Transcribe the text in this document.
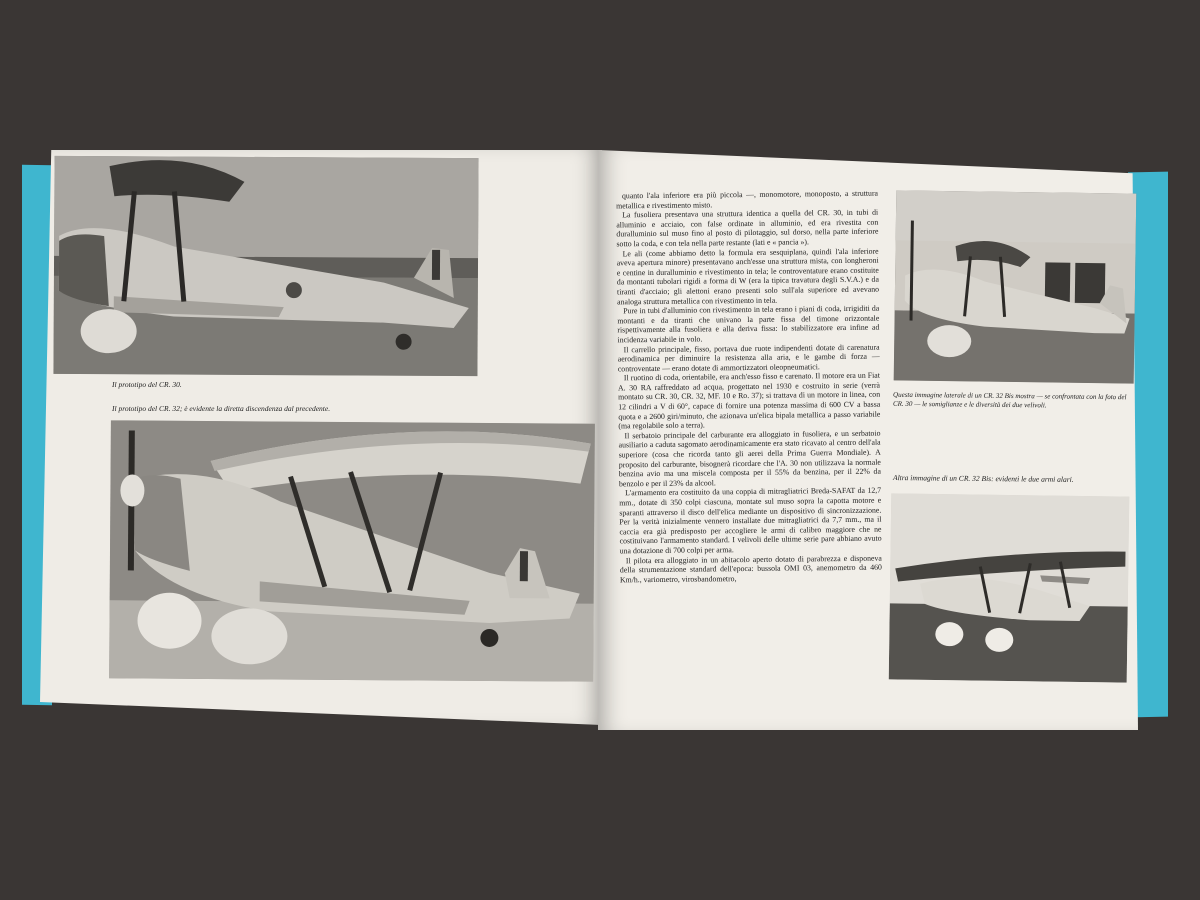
Il prototipo del CR. 30.
Il prototipo del CR. 32; è evidente la diretta discendenza dal precedente.

quanto l'ala inferiore era più piccola —, monomotore, monoposto, a struttura metallica e rivestimento misto.

La fusoliera presentava una struttura identica a quella del CR. 30, in tubi di alluminio e acciaio, con false ordinate in alluminio, ed era rivestita con duralluminio sul muso fino al posto di pilotaggio, sul dorso, nella parte inferiore sotto la coda, e con tela nella parte restante (lati e « pancia »).

Le ali (come abbiamo detto la formula era sesquiplana, quindi l'ala inferiore aveva apertura minore) presentavano anch'esse una struttura mista, con longheroni e centine in duralluminio e rivestimento in tela; le controventature erano costituite da montanti tubolari rigidi a forma di W (era la tipica travatura degli S.V.A.) e da tiranti d'acciaio; gli alettoni erano presenti solo sull'ala superiore ed avevano analoga struttura metallica con rivestimento in tela.

Pure in tubi d'alluminio con rivestimento in tela erano i piani di coda, irrigiditi da montanti e da tiranti che univano la parte fissa del timone orizzontale rispettivamente alla fusoliera e alla deriva fissa: lo stabilizzatore era infine ad incidenza variabile in volo.

Il carrello principale, fisso, portava due ruote indipendenti dotate di carenatura aerodinamica per diminuire la resistenza alla aria, e le gambe di forza — controventate — erano dotate di ammortizzatori oleopneumatici.

Il ruotino di coda, orientabile, era anch'esso fisso e carenato. Il motore era un Fiat A. 30 RA raffreddato ad acqua, progettato nel 1930 e costruito in serie (verrà montato su CR. 30, CR. 32, MF. 10 e Ro. 37); si trattava di un motore in linea, con 12 cilindri a V di 60°, capace di fornire una potenza massima di 600 CV a bassa quota e a 2600 giri/minuto, che azionava un'elica bipala metallica a passo variabile (ma regolabile solo a terra).

Il serbatoio principale del carburante era alloggiato in fusoliera, e un serbatoio ausiliario a caduta sagomato aerodinamicamente era stato ricavato al centro dell'ala superiore (cosa che ricorda tanto gli aerei della Prima Guerra Mondiale). A proposito del carburante, bisognerà ricordare che l'A. 30 non utilizzava la normale benzina avio ma una miscela composta per il 55% da benzina, per il 22% da benzolo e per il 23% da alcool.

L'armamento era costituito da una coppia di mitragliatrici Breda-SAFAT da 12,7 mm., dotate di 350 colpi ciascuna, montate sul muso sopra la capotta motore e sparanti attraverso il disco dell'elica mediante un dispositivo di sincronizzazione. Per la verità inizialmente vennero installate due mitragliatrici da 7,7 mm., ma il caccia era già predisposto per accogliere le armi di calibro maggiore che ne costituivano l'armamento standard. I velivoli delle ultime serie pare abbiano avuto una dotazione di 700 colpi per arma.

Il pilota era alloggiato in un abitacolo aperto dotato di parabrezza e disponeva della strumentazione standard dell'epoca: bussola OMI 03, anemometro da 460 Km/h., variometro, virosbandometro,

Questa immagine laterale di un CR. 32 Bis mostra — se confrontata con la foto del CR. 30 — le somiglianze e le diversità dei due velivoli.
Altra immagine di un CR. 32 Bis: evidenti le due armi alari.
